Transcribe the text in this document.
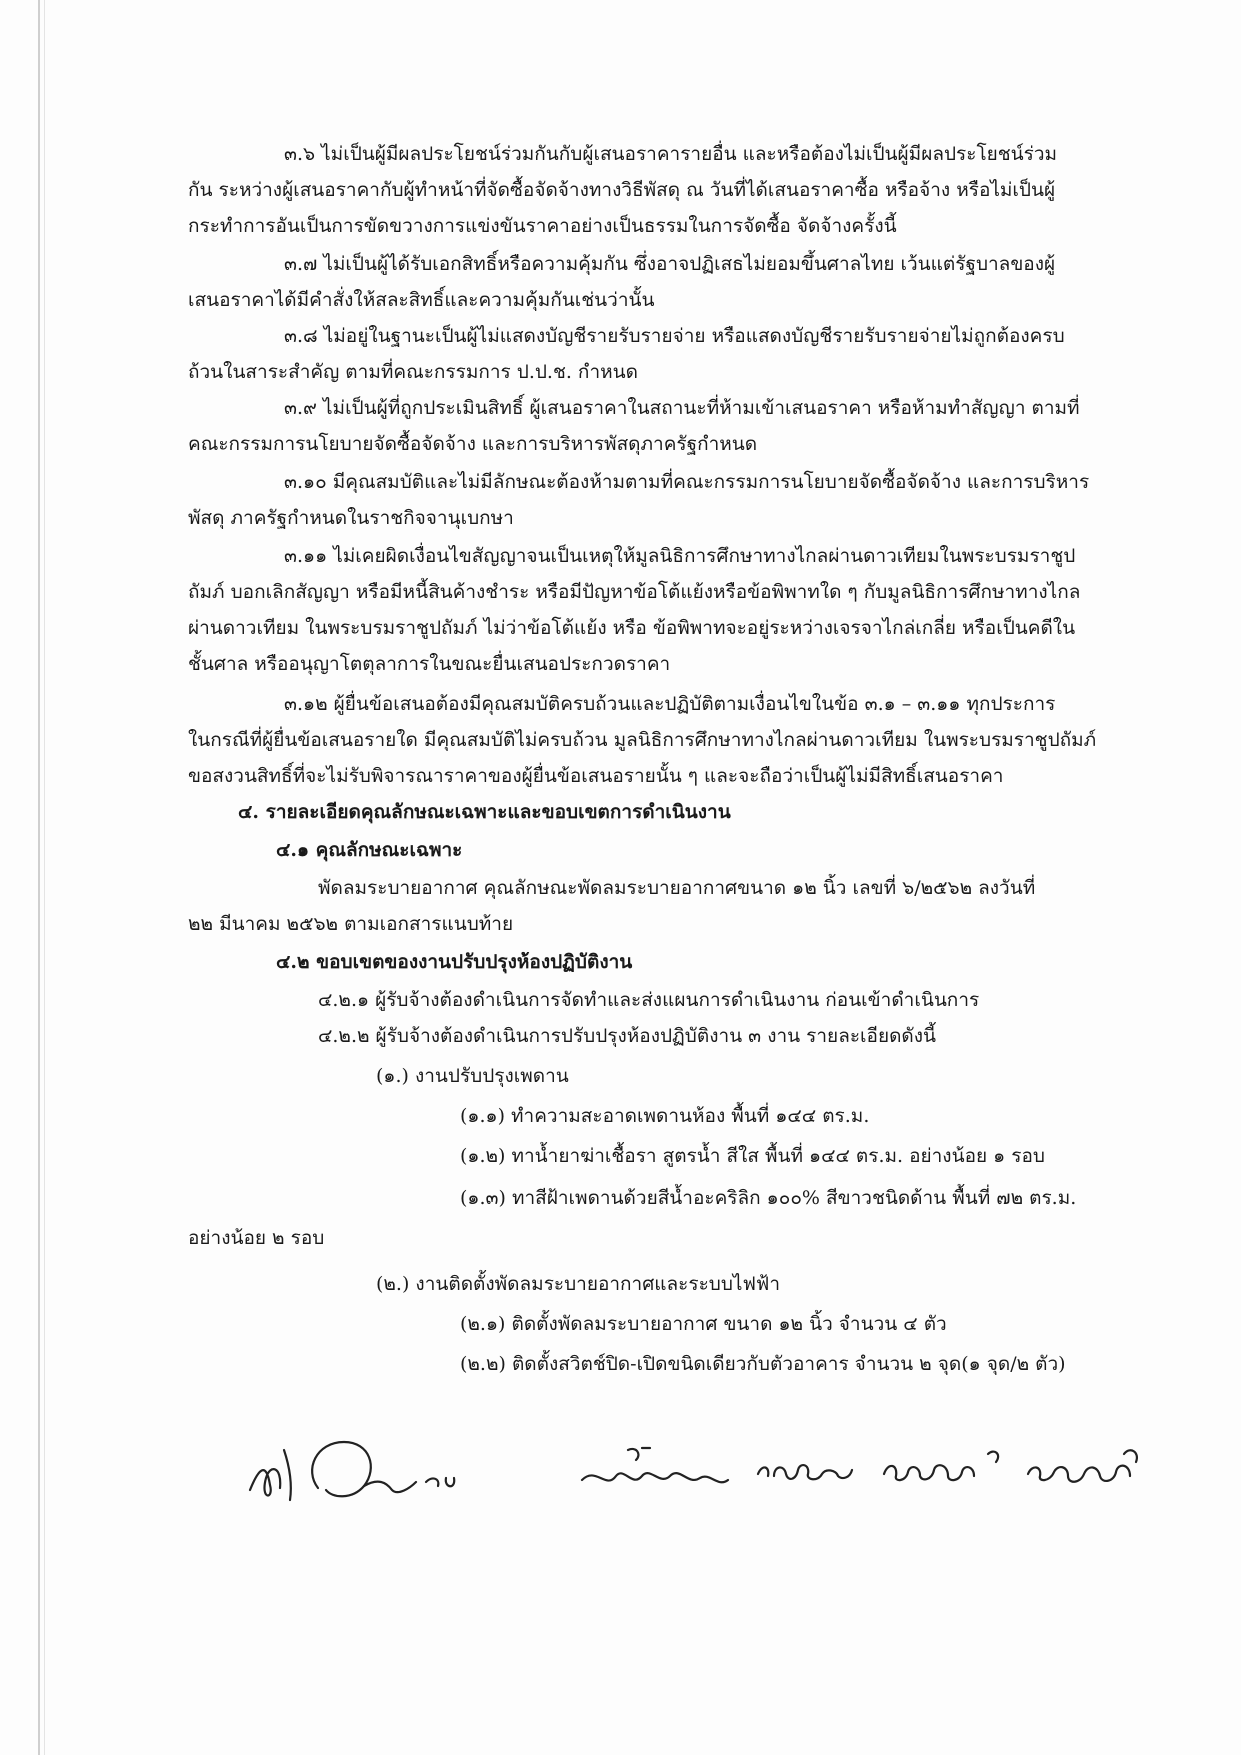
๓.๖ ไม่เป็นผู้มีผลประโยชน์ร่วมกันกับผู้เสนอราคารายอื่น และหรือต้องไม่เป็นผู้มีผลประโยชน์ร่วม
กัน ระหว่างผู้เสนอราคากับผู้ทำหน้าที่จัดซื้อจัดจ้างทางวิธีพัสดุ ณ วันที่ได้เสนอราคาซื้อ หรือจ้าง หรือไม่เป็นผู้
กระทำการอันเป็นการขัดขวางการแข่งขันราคาอย่างเป็นธรรมในการจัดซื้อ จัดจ้างครั้งนี้
๓.๗ ไม่เป็นผู้ได้รับเอกสิทธิ์หรือความคุ้มกัน ซึ่งอาจปฏิเสธไม่ยอมขึ้นศาลไทย เว้นแต่รัฐบาลของผู้
เสนอราคาได้มีคำสั่งให้สละสิทธิ์และความคุ้มกันเช่นว่านั้น
๓.๘ ไม่อยู่ในฐานะเป็นผู้ไม่แสดงบัญชีรายรับรายจ่าย หรือแสดงบัญชีรายรับรายจ่ายไม่ถูกต้องครบ
ถ้วนในสาระสำคัญ ตามที่คณะกรรมการ ป.ป.ช. กำหนด
๓.๙ ไม่เป็นผู้ที่ถูกประเมินสิทธิ์ ผู้เสนอราคาในสถานะที่ห้ามเข้าเสนอราคา หรือห้ามทำสัญญา ตามที่
คณะกรรมการนโยบายจัดซื้อจัดจ้าง และการบริหารพัสดุภาครัฐกำหนด
๓.๑๐ มีคุณสมบัติและไม่มีลักษณะต้องห้ามตามที่คณะกรรมการนโยบายจัดซื้อจัดจ้าง และการบริหาร
พัสดุ ภาครัฐกำหนดในราชกิจจานุเบกษา
๓.๑๑ ไม่เคยผิดเงื่อนไขสัญญาจนเป็นเหตุให้มูลนิธิการศึกษาทางไกลผ่านดาวเทียมในพระบรมราชูป
ถัมภ์ บอกเลิกสัญญา หรือมีหนี้สินค้างชำระ หรือมีปัญหาข้อโต้แย้งหรือข้อพิพาทใด ๆ กับมูลนิธิการศึกษาทางไกล
ผ่านดาวเทียม ในพระบรมราชูปถัมภ์ ไม่ว่าข้อโต้แย้ง หรือ ข้อพิพาทจะอยู่ระหว่างเจรจาไกล่เกลี่ย หรือเป็นคดีใน
ชั้นศาล หรืออนุญาโตตุลาการในขณะยื่นเสนอประกวดราคา
๓.๑๒ ผู้ยื่นข้อเสนอต้องมีคุณสมบัติครบถ้วนและปฏิบัติตามเงื่อนไขในข้อ ๓.๑ – ๓.๑๑ ทุกประการ
ในกรณีที่ผู้ยื่นข้อเสนอรายใด มีคุณสมบัติไม่ครบถ้วน มูลนิธิการศึกษาทางไกลผ่านดาวเทียม ในพระบรมราชูปถัมภ์
ขอสงวนสิทธิ์ที่จะไม่รับพิจารณาราคาของผู้ยื่นข้อเสนอรายนั้น ๆ และจะถือว่าเป็นผู้ไม่มีสิทธิ์เสนอราคา
๔. รายละเอียดคุณลักษณะเฉพาะและขอบเขตการดำเนินงาน
๔.๑ คุณลักษณะเฉพาะ
พัดลมระบายอากาศ คุณลักษณะพัดลมระบายอากาศขนาด ๑๒ นิ้ว เลขที่ ๖/๒๕๖๒ ลงวันที่
๒๒ มีนาคม ๒๕๖๒ ตามเอกสารแนบท้าย
๔.๒ ขอบเขตของงานปรับปรุงห้องปฏิบัติงาน
๔.๒.๑ ผู้รับจ้างต้องดำเนินการจัดทำและส่งแผนการดำเนินงาน ก่อนเข้าดำเนินการ
๔.๒.๒ ผู้รับจ้างต้องดำเนินการปรับปรุงห้องปฏิบัติงาน ๓ งาน รายละเอียดดังนี้
(๑.) งานปรับปรุงเพดาน
(๑.๑) ทำความสะอาดเพดานห้อง พื้นที่ ๑๔๔ ตร.ม.
(๑.๒) ทาน้ำยาฆ่าเชื้อรา สูตรน้ำ สีใส พื้นที่ ๑๔๔ ตร.ม. อย่างน้อย ๑ รอบ
(๑.๓) ทาสีฝ้าเพดานด้วยสีน้ำอะคริลิก ๑๐๐% สีขาวชนิดด้าน พื้นที่ ๗๒ ตร.ม.
อย่างน้อย ๒ รอบ
(๒.) งานติดตั้งพัดลมระบายอากาศและระบบไฟฟ้า
(๒.๑) ติดตั้งพัดลมระบายอากาศ ขนาด ๑๒ นิ้ว จำนวน ๔ ตัว
(๒.๒) ติดตั้งสวิตช์ปิด-เปิดขนิดเดียวกับตัวอาคาร จำนวน ๒ จุด(๑ จุด/๒ ตัว)
